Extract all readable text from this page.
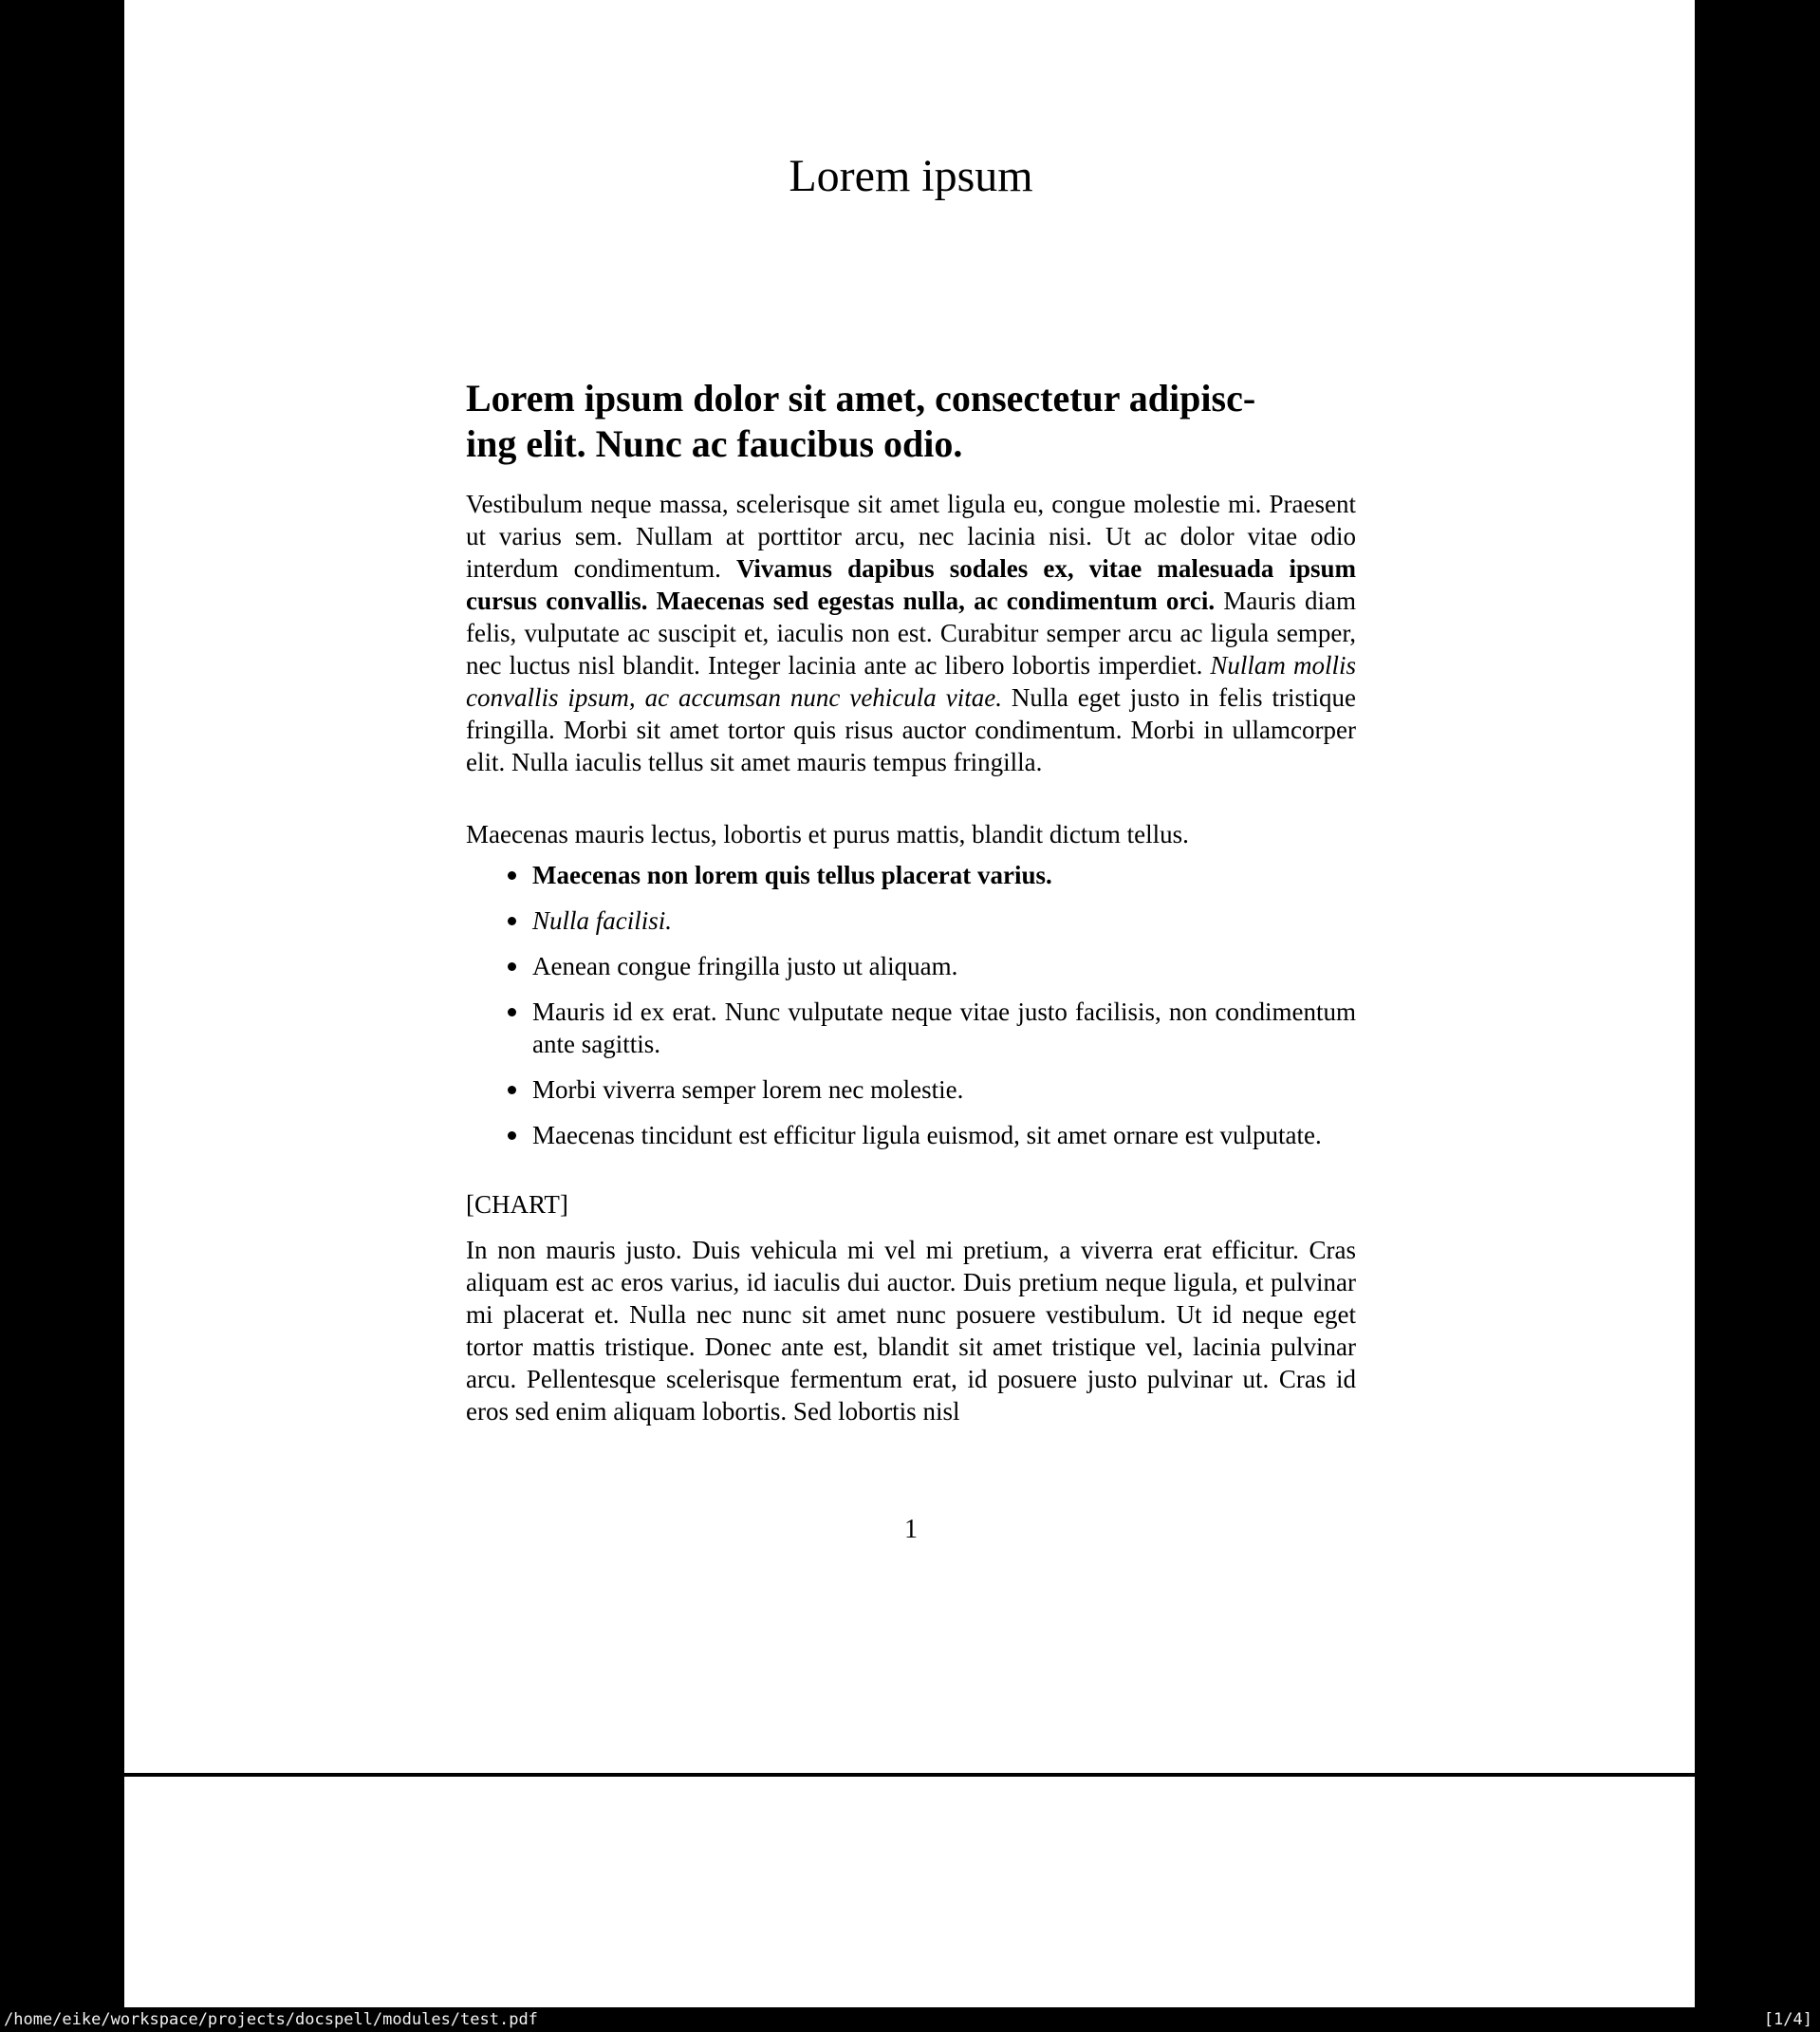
Lorem ipsum
Lorem ipsum dolor sit amet, consectetur adipisc-
ing elit. Nunc ac faucibus odio.

Vestibulum neque massa, scelerisque sit amet ligula eu, congue molestie mi. Praesent ut varius sem. Nullam at porttitor arcu, nec lacinia nisi. Ut ac dolor vitae odio interdum condimentum. Vivamus dapibus sodales ex, vitae malesuada ipsum cursus convallis. Maecenas sed egestas nulla, ac condimentum orci. Mauris diam felis, vulputate ac suscipit et, iaculis non est. Curabitur semper arcu ac ligula semper, nec luctus nisl blandit. Integer lacinia ante ac libero lobortis imperdiet. Nullam mollis convallis ipsum, ac accumsan nunc vehicula vitae. Nulla eget justo in felis tristique fringilla. Morbi sit amet tortor quis risus auctor condimentum. Morbi in ullamcorper elit. Nulla iaculis tellus sit amet mauris tempus fringilla.

Maecenas mauris lectus, lobortis et purus mattis, blandit dictum tellus.

Maecenas non lorem quis tellus placerat varius.
Nulla facilisi.
Aenean congue fringilla justo ut aliquam.
Mauris id ex erat. Nunc vulputate neque vitae justo facilisis, non condimentum ante sagittis.
Morbi viverra semper lorem nec molestie.
Maecenas tincidunt est efficitur ligula euismod, sit amet ornare est vulputate.

[CHART]

In non mauris justo. Duis vehicula mi vel mi pretium, a viverra erat efficitur. Cras aliquam est ac eros varius, id iaculis dui auctor. Duis pretium neque ligula, et pulvinar mi placerat et. Nulla nec nunc sit amet nunc posuere vestibulum. Ut id neque eget tortor mattis tristique. Donec ante est, blandit sit amet tristique vel, lacinia pulvinar arcu. Pellentesque scelerisque fermentum erat, id posuere justo pulvinar ut. Cras id eros sed enim aliquam lobortis. Sed lobortis nisl

1
/home/eike/workspace/projects/docspell/modules/test.pdf	[1/4]
